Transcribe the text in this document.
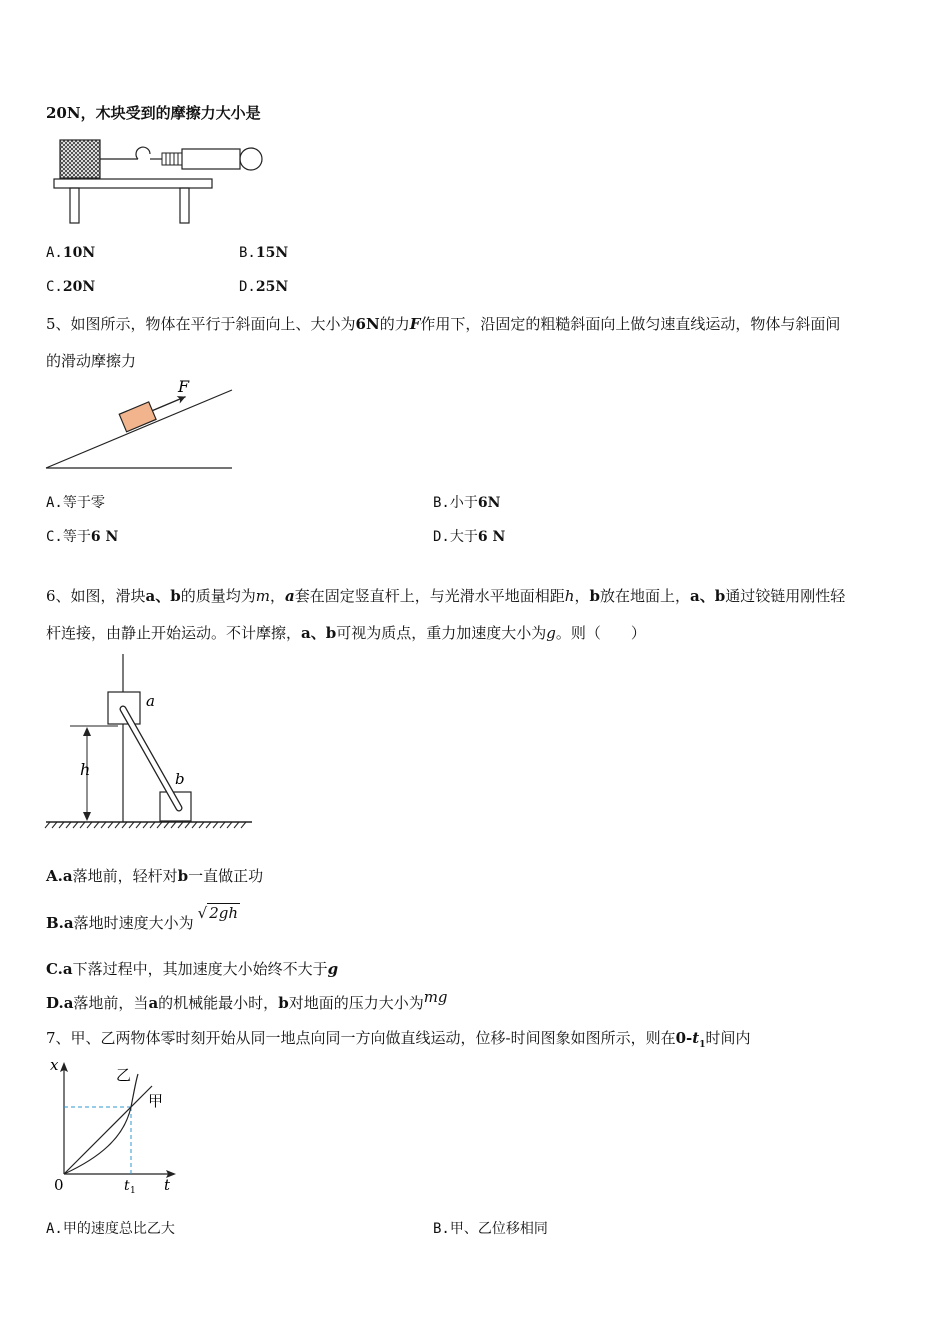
20N，木块受到的摩擦力大小是
A.10N	B.15N
C.20N	D.25N
5、如图所示，物体在平行于斜面向上、大小为6N的力F作用下，沿固定的粗糙斜面向上做匀速直线运动，物体与斜面间
的滑动摩擦力
F
A.等于零	B.小于6N
C.等于6 N	D.大于6 N
6、如图，滑块a、b的质量均为m，a套在固定竖直杆上，与光滑水平地面相距h，b放在地面上，a、b通过铰链用刚性轻
杆连接，由静止开始运动。不计摩擦，a、b可视为质点，重力加速度大小为g。则（　　）
a
b
h
A.a落地前，轻杆对b一直做正功
B.a落地时速度大小为√ 2gh
C.a下落过程中，其加速度大小始终不大于g
D.a落地前，当a的机械能最小时，b对地面的压力大小为mg
7、甲、乙两物体零时刻开始从同一地点向同一方向做直线运动，位移-时间图象如图所示，则在$0-t_1$时间内
x
t
0	t 1
乙
甲
A.甲的速度总比乙大	B.甲、乙位移相同
